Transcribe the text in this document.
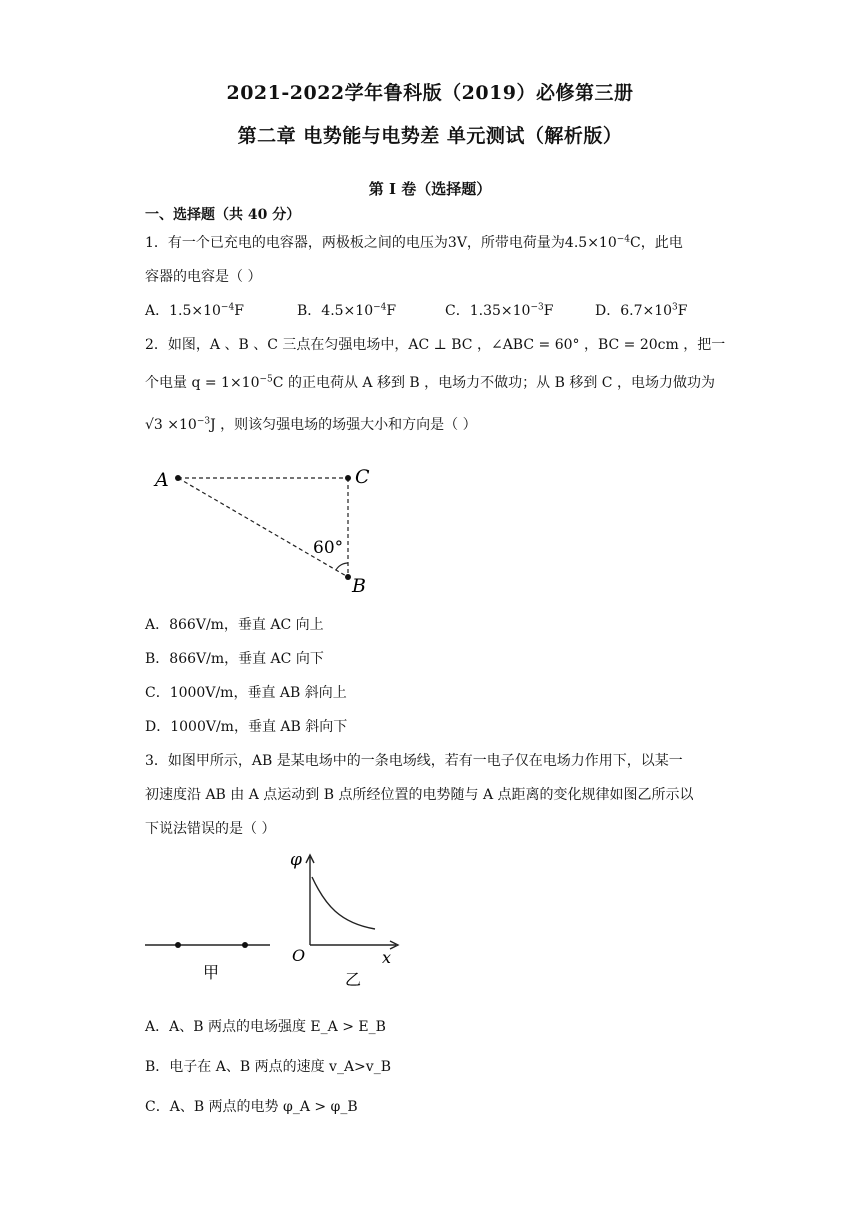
2021-2022学年鲁科版（2019）必修第三册
第二章 电势能与电势差 单元测试（解析版）
第 I 卷（选择题）
一、选择题（共 40 分）
1．有一个已充电的电容器，两极板之间的电压为3V，所带电荷量为$4.5\times 10^{-4}C$，此电
容器的电容是（ ）
A．$1.5\times 10^{-4}F$	B．$4.5\times 10^{-4}F$	C．$1.35\times 10^{-3}F$	D．$6.7\times 10^3F$
2．如图，A 、B 、C 三点在匀强电场中，AC ⊥ BC ，∠ABC = 60° ，BC = 20cm ，把一
个电量 $q = 1\times 10^{-5}C$ 的正电荷从 A 移到 B ，电场力不做功；从 B 移到 C ，电场力做功为
$√3 \times 10^{-3}J$ ，则该匀强电场的场强大小和方向是（ ）
A	C
B
60°
A．866V/m，垂直 AC 向上
B．866V/m，垂直 AC 向下
C．1000V/m，垂直 AB 斜向上
D．1000V/m，垂直 AB 斜向下
3．如图甲所示，AB 是某电场中的一条电场线，若有一电子仅在电场力作用下，以某一
初速度沿 AB 由 A 点运动到 B 点所经位置的电势随与 A 点距离的变化规律如图乙所示以
下说法错误的是（ ）
甲
φ
x
O
乙
A．A、B 两点的电场强度 E_A > E_B
B．电子在 A、B 两点的速度 v_A>v_B
C．A、B 两点的电势 φ_A > φ_B
